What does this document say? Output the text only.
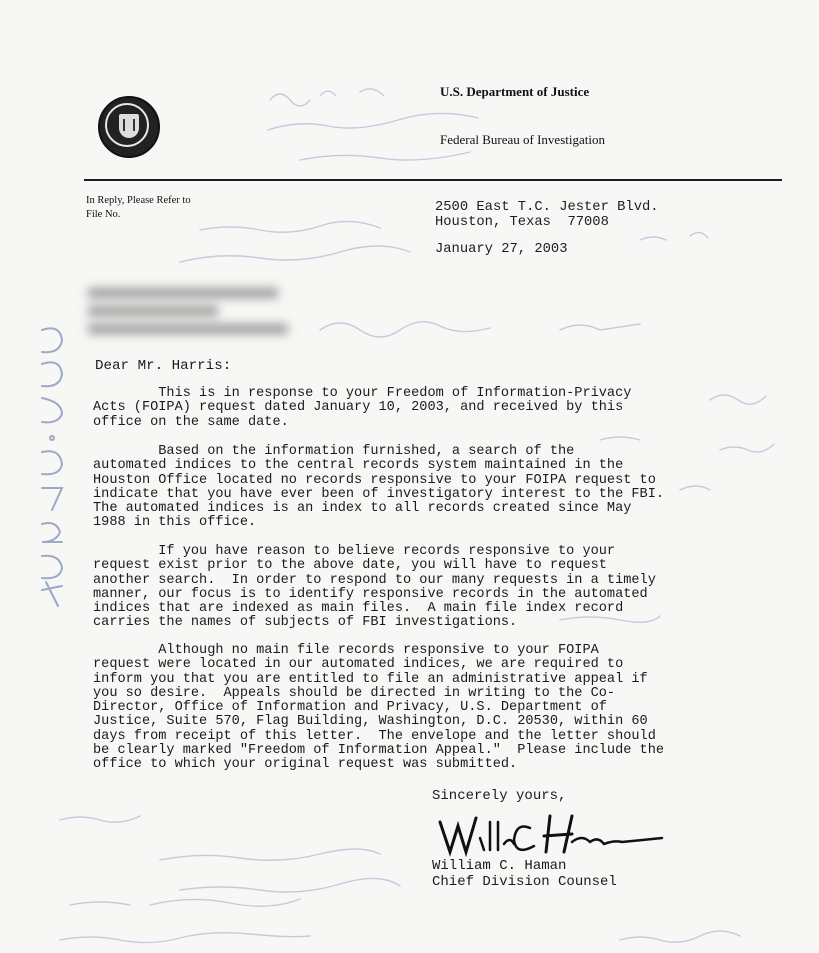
U.S. Department of Justice
Federal Bureau of Investigation
In Reply, Please Refer to
File No.	2500 East T.C. Jester Blvd.
Houston, Texas  77008
January 27, 2003
Dear Mr. Harris:

This is in response to your Freedom of Information-Privacy
Acts (FOIPA) request dated January 10, 2003, and received by this
office on the same date.

Based on the information furnished, a search of the
automated indices to the central records system maintained in the
Houston Office located no records responsive to your FOIPA request to
indicate that you have ever been of investigatory interest to the FBI.
The automated indices is an index to all records created since May
1988 in this office.

If you have reason to believe records responsive to your
request exist prior to the above date, you will have to request
another search.  In order to respond to our many requests in a timely
manner, our focus is to identify responsive records in the automated
indices that are indexed as main files.  A main file index record
carries the names of subjects of FBI investigations.

Although no main file records responsive to your FOIPA
request were located in our automated indices, we are required to
inform you that you are entitled to file an administrative appeal if
you so desire.  Appeals should be directed in writing to the Co-
Director, Office of Information and Privacy, U.S. Department of
Justice, Suite 570, Flag Building, Washington, D.C. 20530, within 60
days from receipt of this letter.  The envelope and the letter should
be clearly marked "Freedom of Information Appeal."  Please include the
office to which your original request was submitted.

Sincerely yours,
William C. Haman
Chief Division Counsel
